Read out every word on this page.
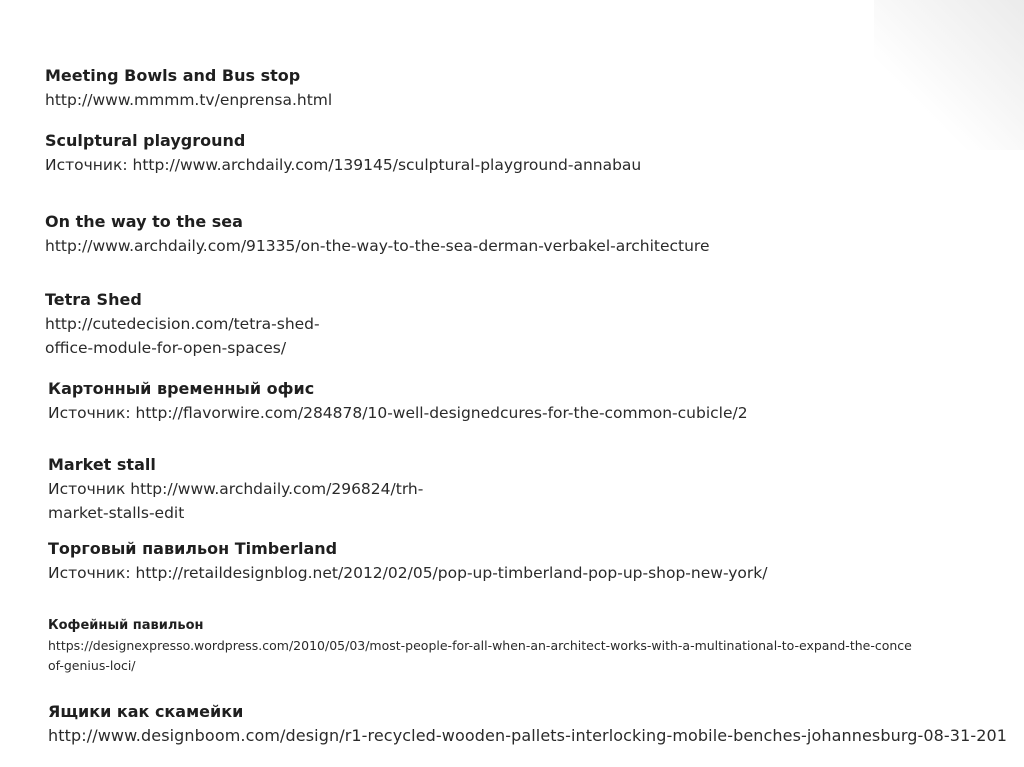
Meeting Bowls and Bus stop
http://www.mmmm.tv/enprensa.html
Sculptural playground
Источник: http://www.archdaily.com/139145/sculptural-playground-annabau
On the way to the sea
http://www.archdaily.com/91335/on-the-way-to-the-sea-derman-verbakel-architecture
Tetra Shed
http://cutedecision.com/tetra-shed-
office-module-for-open-spaces/
Картонный временный офис
Источник: http://flavorwire.com/284878/10-well-designedcures-for-the-common-cubicle/2
Market stall
Источник http://www.archdaily.com/296824/trh-
market-stalls-edit
Торговый павильон Timberland
Источник: http://retaildesignblog.net/2012/02/05/pop-up-timberland-pop-up-shop-new-york/
Кофейный павильон
https://designexpresso.wordpress.com/2010/05/03/most-people-for-all-when-an-architect-works-with-a-multinational-to-expand-the-conce
of-genius-loci/
Ящики как скамейки
http://www.designboom.com/design/r1-recycled-wooden-pallets-interlocking-mobile-benches-johannesburg-08-31-201
